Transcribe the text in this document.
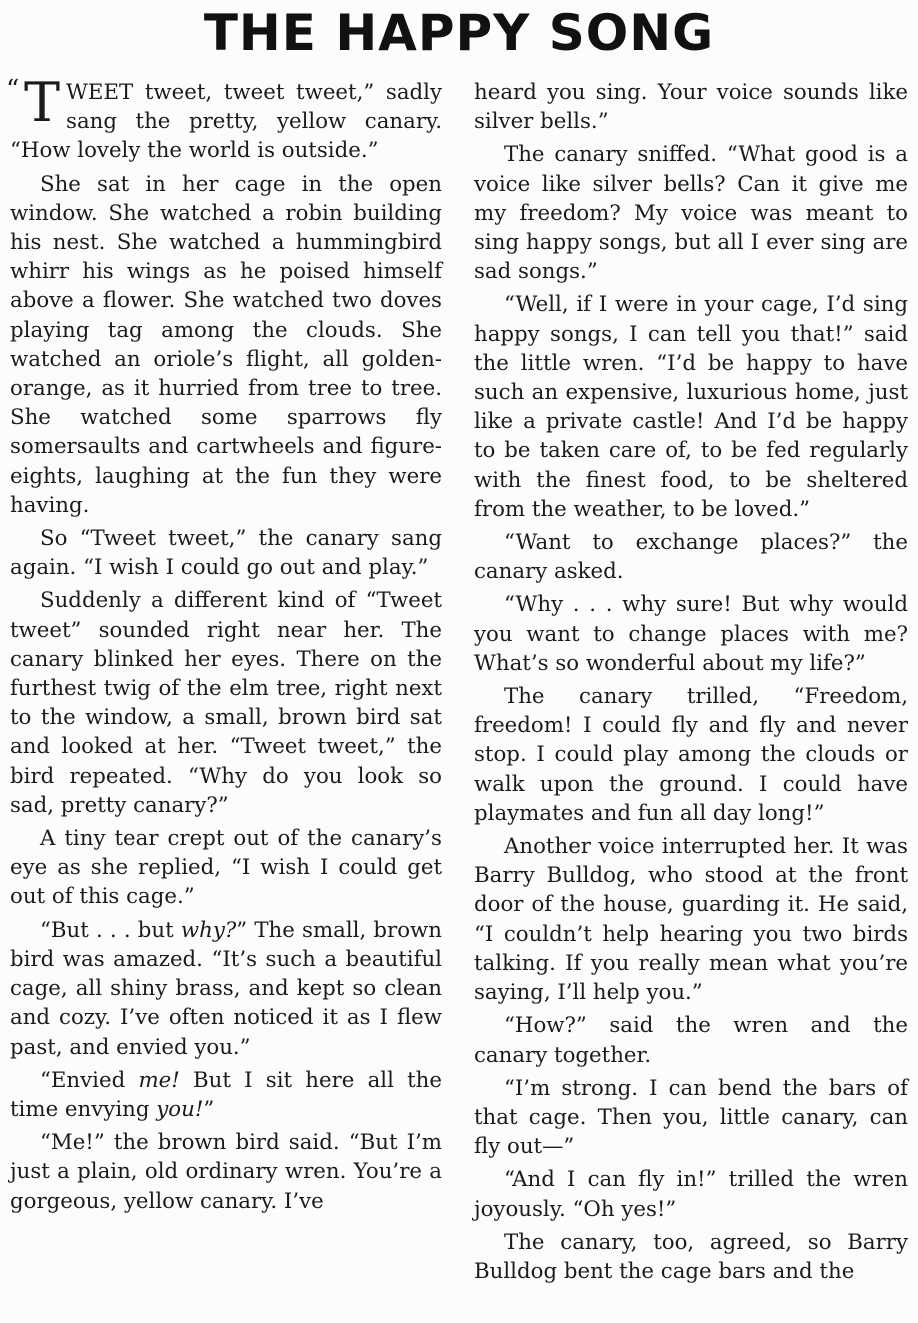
THE HAPPY SONG

“ T WEET tweet, tweet tweet,” sadly sang the pretty, yellow canary. “How lovely the world is outside.”

She sat in her cage in the open window. She watched a robin building his nest. She watched a hummingbird whirr his wings as he poised himself above a flower. She watched two doves playing tag among the clouds. She watched an oriole’s flight, all golden-orange, as it hurried from tree to tree. She watched some sparrows fly somersaults and cartwheels and figure-eights, laughing at the fun they were having.

So “Tweet tweet,” the canary sang again. “I wish I could go out and play.”

Suddenly a different kind of “Tweet tweet” sounded right near her. The canary blinked her eyes. There on the furthest twig of the elm tree, right next to the window, a small, brown bird sat and looked at her. “Tweet tweet,” the bird repeated. “Why do you look so sad, pretty canary?”

A tiny tear crept out of the canary’s eye as she replied, “I wish I could get out of this cage.”

“But . . . but why?” The small, brown bird was amazed. “It’s such a beautiful cage, all shiny brass, and kept so clean and cozy. I’ve often noticed it as I flew past, and envied you.”

“Envied me! But I sit here all the time envying you!”

“Me!” the brown bird said. “But I’m just a plain, old ordinary wren. You’re a gorgeous, yellow canary. I’ve

heard you sing. Your voice sounds like silver bells.”

The canary sniffed. “What good is a voice like silver bells? Can it give me my freedom? My voice was meant to sing happy songs, but all I ever sing are sad songs.”

“Well, if I were in your cage, I’d sing happy songs, I can tell you that!” said the little wren. “I’d be happy to have such an expensive, luxurious home, just like a private castle! And I’d be happy to be taken care of, to be fed regularly with the finest food, to be sheltered from the weather, to be loved.”

“Want to exchange places?” the canary asked.

“Why . . . why sure! But why would you want to change places with me? What’s so wonderful about my life?”

The canary trilled, “Freedom, freedom! I could fly and fly and never stop. I could play among the clouds or walk upon the ground. I could have playmates and fun all day long!”

Another voice interrupted her. It was Barry Bulldog, who stood at the front door of the house, guarding it. He said, “I couldn’t help hearing you two birds talking. If you really mean what you’re saying, I’ll help you.”

“How?” said the wren and the canary together.

“I’m strong. I can bend the bars of that cage. Then you, little canary, can fly out—”

“And I can fly in!” trilled the wren joyously. “Oh yes!”

The canary, too, agreed, so Barry Bulldog bent the cage bars and the
